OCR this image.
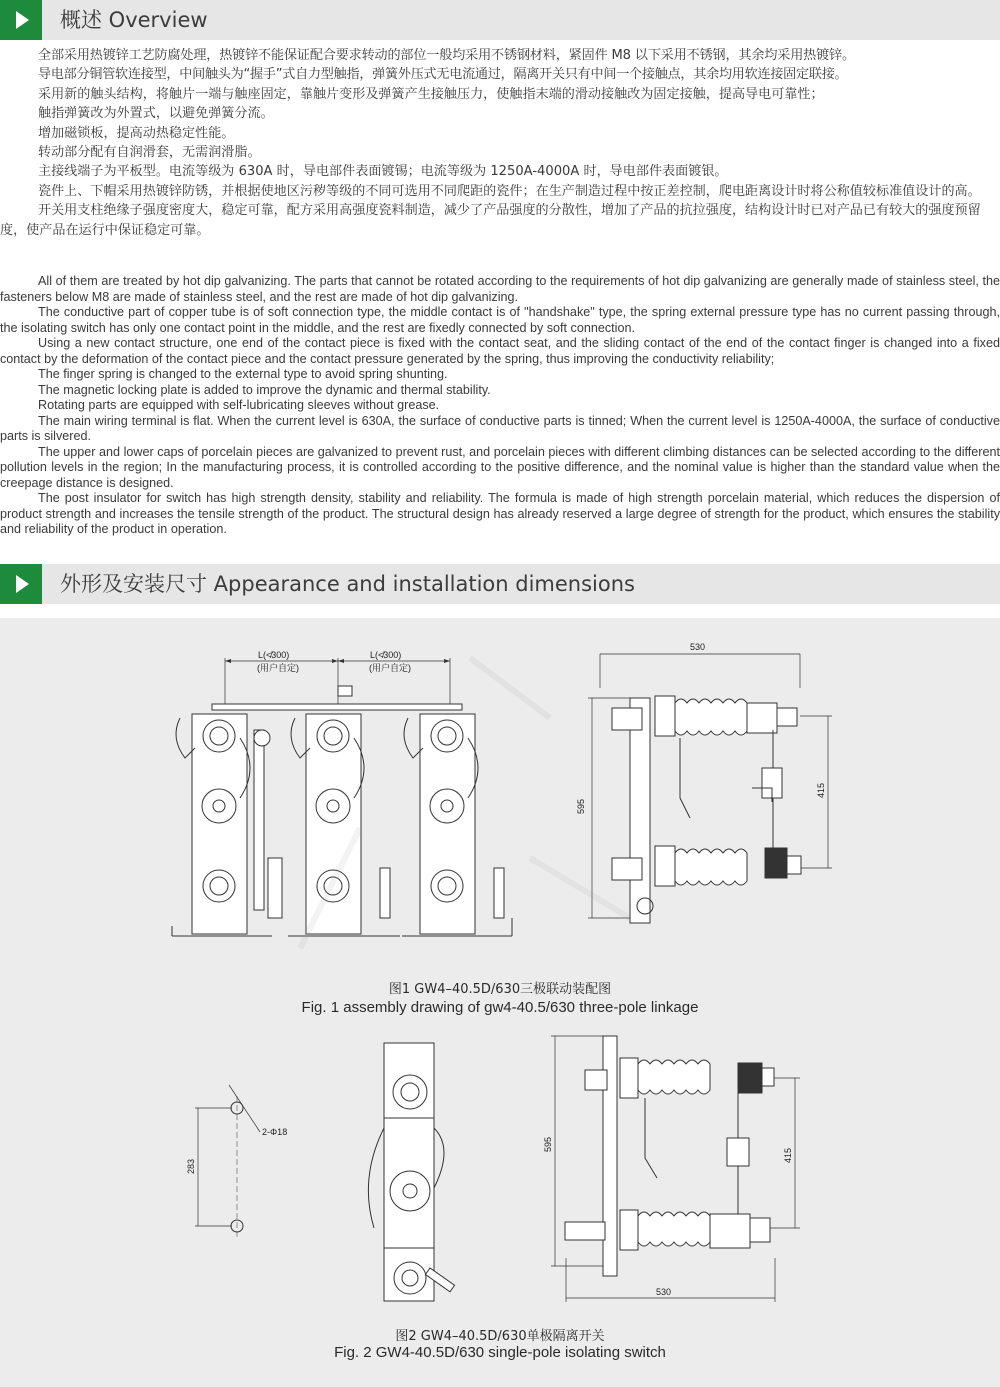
概述 Overview

全部采用热镀锌工艺防腐处理，热镀锌不能保证配合要求转动的部位一般均采用不锈钢材料，紧固件 M8 以下采用不锈钢，其余均采用热镀锌。

导电部分铜管软连接型，中间触头为“握手”式自力型触指，弹簧外压式无电流通过，隔离开关只有中间一个接触点，其余均用软连接固定联接。

采用新的触头结构，将触片一端与触座固定，靠触片变形及弹簧产生接触压力，使触指末端的滑动接触改为固定接触，提高导电可靠性；

触指弹簧改为外置式，以避免弹簧分流。

增加磁锁板，提高动热稳定性能。

转动部分配有自润滑套，无需润滑脂。

主接线端子为平板型。电流等级为 630A 时，导电部件表面镀锡；电流等级为 1250A-4000A 时，导电部件表面镀银。

瓷件上、下帽采用热镀锌防锈，并根据使地区污秽等级的不同可选用不同爬距的瓷件；在生产制造过程中按正差控制，爬电距离设计时将公称值较标准值设计的高。

开关用支柱绝缘子强度密度大，稳定可靠，配方采用高强度瓷料制造，减少了产品强度的分散性，增加了产品的抗拉强度，结构设计时已对产品已有较大的强度预留度，使产品在运行中保证稳定可靠。

All of them are treated by hot dip galvanizing. The parts that cannot be rotated according to the requirements of hot dip galvanizing are generally made of stainless steel, the fasteners below M8 are made of stainless steel, and the rest are made of hot dip galvanizing.

The conductive part of copper tube is of soft connection type, the middle contact is of "handshake" type, the spring external pressure type has no current passing through, the isolating switch has only one contact point in the middle, and the rest are fixedly connected by soft connection.

Using a new contact structure, one end of the contact piece is fixed with the contact seat, and the sliding contact of the end of the contact finger is changed into a fixed contact by the deformation of the contact piece and the contact pressure generated by the spring, thus improving the conductivity reliability;

The finger spring is changed to the external type to avoid spring shunting.

The magnetic locking plate is added to improve the dynamic and thermal stability.

Rotating parts are equipped with self-lubricating sleeves without grease.

The main wiring terminal is flat. When the current level is 630A, the surface of conductive parts is tinned; When the current level is 1250A-4000A, the surface of conductive parts is silvered.

The upper and lower caps of porcelain pieces are galvanized to prevent rust, and porcelain pieces with different climbing distances can be selected according to the different pollution levels in the region; In the manufacturing process, it is controlled according to the positive difference, and the nominal value is higher than the standard value when the creepage distance is designed.

The post insulator for switch has high strength density, stability and reliability. The formula is made of high strength porcelain material, which reduces the dispersion of product strength and increases the tensile strength of the product. The structural design has already reserved a large degree of strength for the product, which ensures the stability and reliability of the product in operation.

外形及安装尺寸 Appearance and installation dimensions
L(≮300)
(用户自定)
L(≮300)
(用户自定)
530
595
415
283
2-Φ18
595
415
530
图1 GW4–40.5D/630三极联动装配图
Fig. 1 assembly drawing of gw4-40.5/630 three-pole linkage
图2 GW4–40.5D/630单极隔离开关
Fig. 2 GW4-40.5D/630 single-pole isolating switch
